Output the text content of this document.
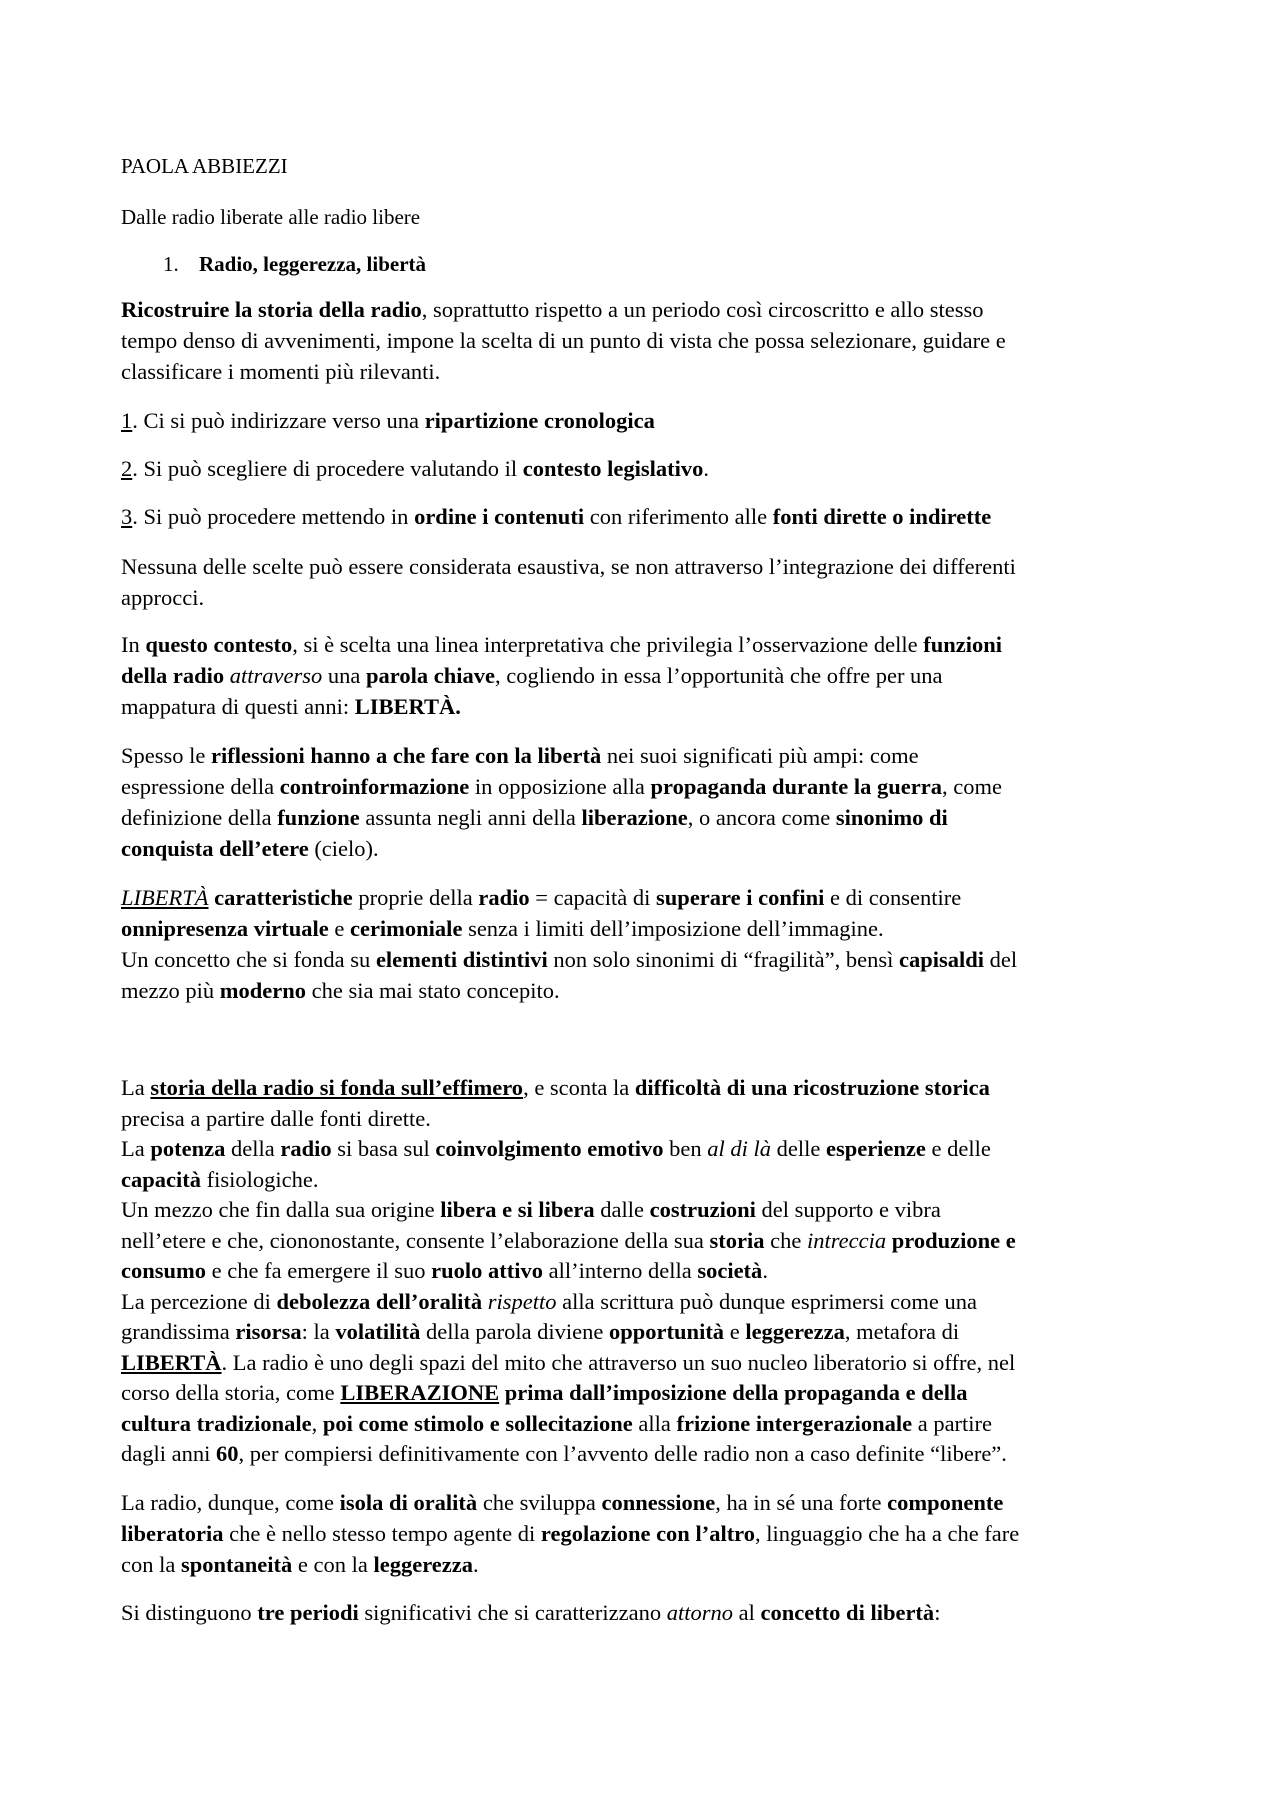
PAOLA ABBIEZZI
Dalle radio liberate alle radio libere
1. Radio, leggerezza, libertà
Ricostruire la storia della radio, soprattutto rispetto a un periodo così circoscritto e allo stesso
tempo denso di avvenimenti, impone la scelta di un punto di vista che possa selezionare, guidare e
classificare i momenti più rilevanti.
1. Ci si può indirizzare verso una ripartizione cronologica
2. Si può scegliere di procedere valutando il contesto legislativo.
3. Si può procedere mettendo in ordine i contenuti con riferimento alle fonti dirette o indirette
Nessuna delle scelte può essere considerata esaustiva, se non attraverso l’integrazione dei differenti
approcci.
In questo contesto, si è scelta una linea interpretativa che privilegia l’osservazione delle funzioni
della radio attraverso una parola chiave, cogliendo in essa l’opportunità che offre per una
mappatura di questi anni: LIBERTÀ.
Spesso le riflessioni hanno a che fare con la libertà nei suoi significati più ampi: come
espressione della controinformazione in opposizione alla propaganda durante la guerra, come
definizione della funzione assunta negli anni della liberazione, o ancora come sinonimo di
conquista dell’etere (cielo).
LIBERTÀ caratteristiche proprie della radio = capacità di superare i confini e di consentire
onnipresenza virtuale e cerimoniale senza i limiti dell’imposizione dell’immagine.
Un concetto che si fonda su elementi distintivi non solo sinonimi di “fragilità”, bensì capisaldi del
mezzo più moderno che sia mai stato concepito.
La storia della radio si fonda sull’effimero, e sconta la difficoltà di una ricostruzione storica
precisa a partire dalle fonti dirette.
La potenza della radio si basa sul coinvolgimento emotivo ben al di là delle esperienze e delle
capacità fisiologiche.
Un mezzo che fin dalla sua origine libera e si libera dalle costruzioni del supporto e vibra
nell’etere e che, ciononostante, consente l’elaborazione della sua storia che intreccia produzione e
consumo e che fa emergere il suo ruolo attivo all’interno della società.
La percezione di debolezza dell’oralità rispetto alla scrittura può dunque esprimersi come una
grandissima risorsa: la volatilità della parola diviene opportunità e leggerezza, metafora di
LIBERTÀ. La radio è uno degli spazi del mito che attraverso un suo nucleo liberatorio si offre, nel
corso della storia, come LIBERAZIONE prima dall’imposizione della propaganda e della
cultura tradizionale, poi come stimolo e sollecitazione alla frizione intergerazionale a partire
dagli anni 60, per compiersi definitivamente con l’avvento delle radio non a caso definite “libere”.
La radio, dunque, come isola di oralità che sviluppa connessione, ha in sé una forte componente
liberatoria che è nello stesso tempo agente di regolazione con l’altro, linguaggio che ha a che fare
con la spontaneità e con la leggerezza.
Si distinguono tre periodi significativi che si caratterizzano attorno al concetto di libertà:
